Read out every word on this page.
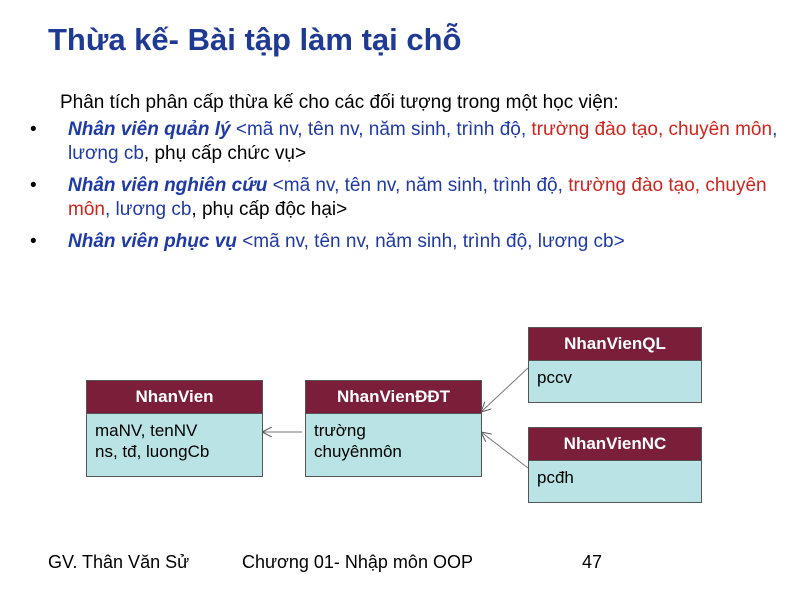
Thừa kế- Bài tập làm tại chỗ
Phân tích phân cấp thừa kế cho các đối tượng trong một học viện:
• Nhân viên quản lý <mã nv, tên nv, năm sinh, trình độ, trường đào tạo, chuyên môn, lương cb, phụ cấp chức vụ>
• Nhân viên nghiên cứu <mã nv, tên nv, năm sinh, trình độ, trường đào tạo, chuyên môn, lương cb, phụ cấp độc hại>
• Nhân viên phục vụ <mã nv, tên nv, năm sinh, trình độ, lương cb>
NhanVien
maNV, tenNV
ns, tđ, luongCb
NhanVienĐĐT
trường
chuyênmôn
NhanVienQL
pccv
NhanVienNC
pcđh
GV. Thân Văn Sử	Chương 01- Nhập môn OOP	47
